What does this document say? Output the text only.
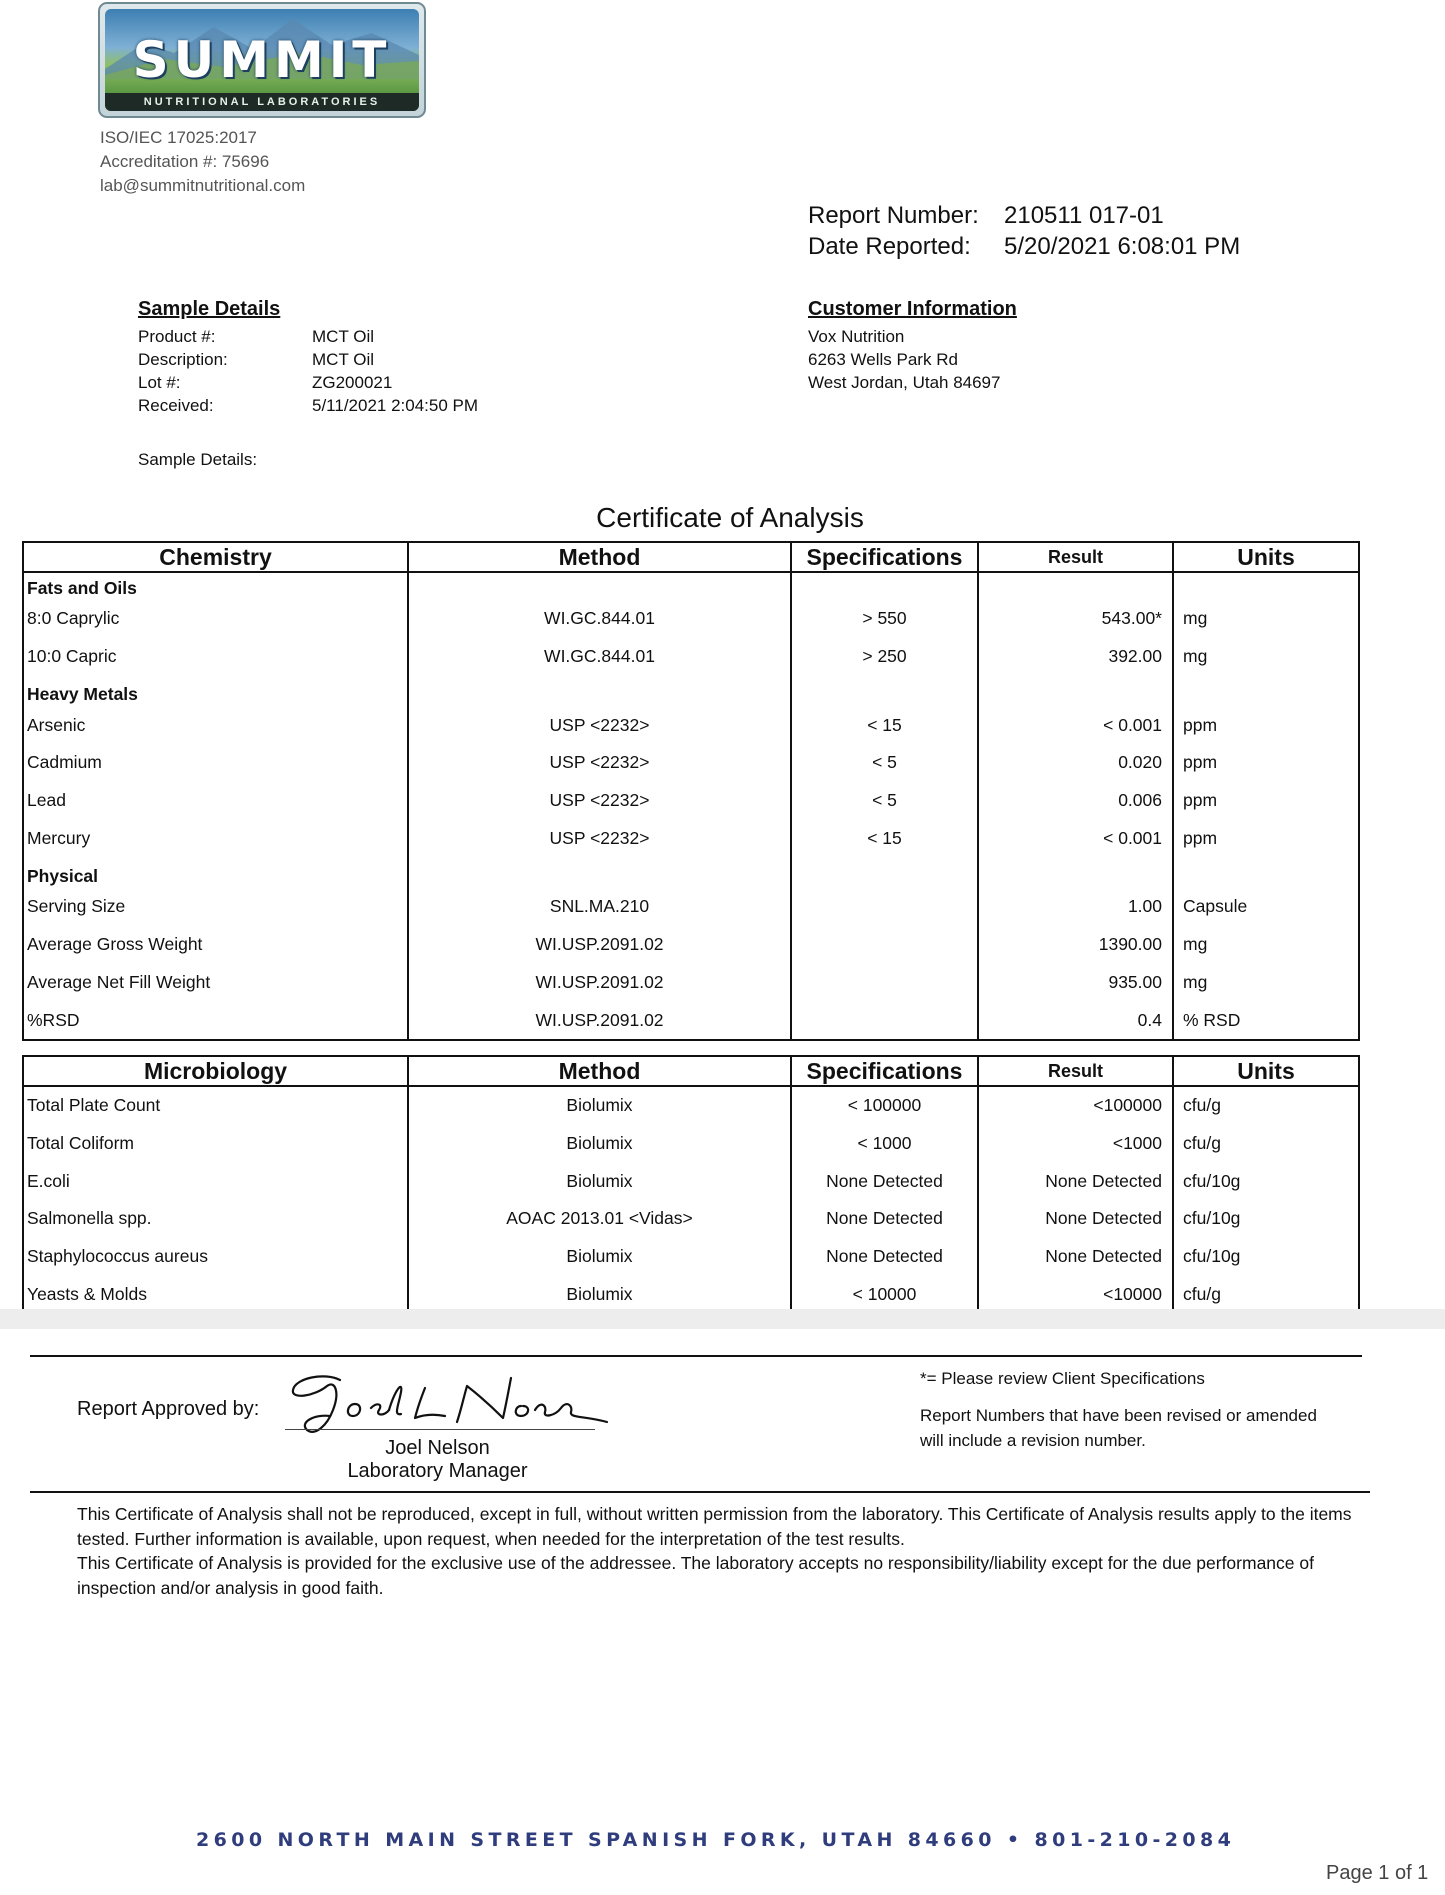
SUMMIT
NUTRITIONAL LABORATORIES
ISO/IEC 17025:2017
Accreditation #: 75696
lab@summitnutritional.com
Report Number:	210511 017-01
Date Reported:	5/20/2021 6:08:01 PM
Sample Details
Product #:	MCT Oil
Description:	MCT Oil
Lot #:	ZG200021
Received:	5/11/2021 2:04:50 PM
Sample Details:
Customer Information
Vox Nutrition
6263 Wells Park Rd
West Jordan, Utah 84697
Certificate of Analysis
Chemistry	Method	Specifications	Result	Units
Fats and Oils				
8:0 Caprylic	WI.GC.844.01	> 550	543.00*	mg
10:0 Capric	WI.GC.844.01	> 250	392.00	mg
Heavy Metals				
Arsenic	USP <2232>	< 15	< 0.001	ppm
Cadmium	USP <2232>	< 5	0.020	ppm
Lead	USP <2232>	< 5	0.006	ppm
Mercury	USP <2232>	< 15	< 0.001	ppm
Physical				
Serving Size	SNL.MA.210		1.00	Capsule
Average Gross Weight	WI.USP.2091.02		1390.00	mg
Average Net Fill Weight	WI.USP.2091.02		935.00	mg
%RSD	WI.USP.2091.02		0.4	% RSD
Microbiology	Method	Specifications	Result	Units
Total Plate Count	Biolumix	< 100000	<100000	cfu/g
Total Coliform	Biolumix	< 1000	<1000	cfu/g
E.coli	Biolumix	None Detected	None Detected	cfu/10g
Salmonella spp.	AOAC 2013.01 <Vidas>	None Detected	None Detected	cfu/10g
Staphylococcus aureus	Biolumix	None Detected	None Detected	cfu/10g
Yeasts & Molds	Biolumix	< 10000	<10000	cfu/g
Report Approved by:
Joel Nelson
Laboratory Manager

*= Please review Client Specifications

Report Numbers that have been revised or amended will include a revision number.

This Certificate of Analysis shall not be reproduced, except in full, without written permission from the laboratory. This Certificate of Analysis results apply to the items tested. Further information is available, upon request, when needed for the interpretation of the test results.

This Certificate of Analysis is provided for the exclusive use of the addressee. The laboratory accepts no responsibility/liability except for the due performance of inspection and/or analysis in good faith.

2600 NORTH MAIN STREET SPANISH FORK, UTAH 84660 • 801-210-2084
Page 1 of 1
